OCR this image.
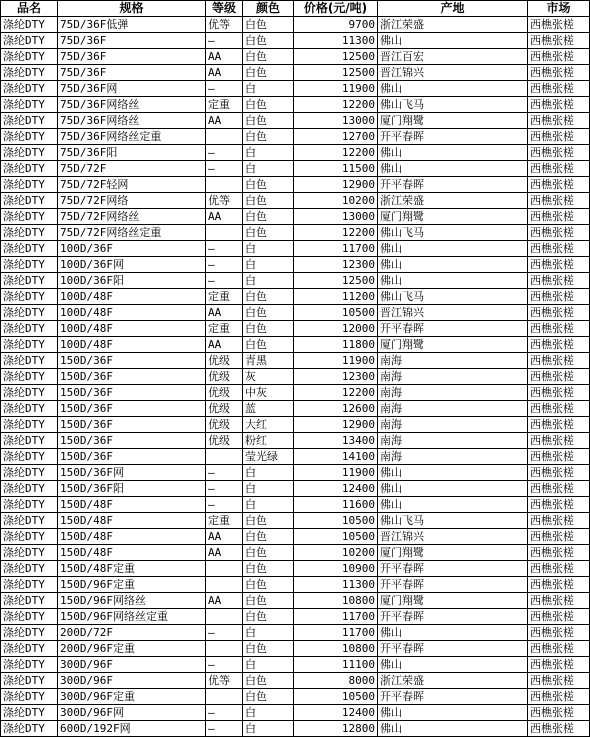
品名	规格	等级	颜色	价格(元/吨)	产地	市场
涤纶DTY	75D/36F低弹	优等	白色	9700	浙江荣盛	西樵张槎
涤纶DTY	75D/36F	—	白色	11300	佛山	西樵张槎
涤纶DTY	75D/36F	AA	白色	12500	晋江百宏	西樵张槎
涤纶DTY	75D/36F	AA	白色	12500	晋江锦兴	西樵张槎
涤纶DTY	75D/36F网	—	白	11900	佛山	西樵张槎
涤纶DTY	75D/36F网络丝	定重	白色	12200	佛山飞马	西樵张槎
涤纶DTY	75D/36F网络丝	AA	白色	13000	厦门翔鹭	西樵张槎
涤纶DTY	75D/36F网络丝定重		白色	12700	开平春晖	西樵张槎
涤纶DTY	75D/36F阳	—	白	12200	佛山	西樵张槎
涤纶DTY	75D/72F	—	白	11500	佛山	西樵张槎
涤纶DTY	75D/72F轻网		白色	12900	开平春晖	西樵张槎
涤纶DTY	75D/72F网络	优等	白色	10200	浙江荣盛	西樵张槎
涤纶DTY	75D/72F网络丝	AA	白色	13000	厦门翔鹭	西樵张槎
涤纶DTY	75D/72F网络丝定重		白色	12200	佛山飞马	西樵张槎
涤纶DTY	100D/36F	—	白	11700	佛山	西樵张槎
涤纶DTY	100D/36F网	—	白	12300	佛山	西樵张槎
涤纶DTY	100D/36F阳	—	白	12500	佛山	西樵张槎
涤纶DTY	100D/48F	定重	白色	11200	佛山飞马	西樵张槎
涤纶DTY	100D/48F	AA	白色	10500	晋江锦兴	西樵张槎
涤纶DTY	100D/48F	定重	白色	12000	开平春晖	西樵张槎
涤纶DTY	100D/48F	AA	白色	11800	厦门翔鹭	西樵张槎
涤纶DTY	150D/36F	优级	青黑	11900	南海	西樵张槎
涤纶DTY	150D/36F	优级	灰	12300	南海	西樵张槎
涤纶DTY	150D/36F	优级	中灰	12200	南海	西樵张槎
涤纶DTY	150D/36F	优级	蓝	12600	南海	西樵张槎
涤纶DTY	150D/36F	优级	大红	12900	南海	西樵张槎
涤纶DTY	150D/36F	优级	粉红	13400	南海	西樵张槎
涤纶DTY	150D/36F		莹光绿	14100	南海	西樵张槎
涤纶DTY	150D/36F网	—	白	11900	佛山	西樵张槎
涤纶DTY	150D/36F阳	—	白	12400	佛山	西樵张槎
涤纶DTY	150D/48F	—	白	11600	佛山	西樵张槎
涤纶DTY	150D/48F	定重	白色	10500	佛山飞马	西樵张槎
涤纶DTY	150D/48F	AA	白色	10500	晋江锦兴	西樵张槎
涤纶DTY	150D/48F	AA	白色	10200	厦门翔鹭	西樵张槎
涤纶DTY	150D/48F定重		白色	10900	开平春晖	西樵张槎
涤纶DTY	150D/96F定重		白色	11300	开平春晖	西樵张槎
涤纶DTY	150D/96F网络丝	AA	白色	10800	厦门翔鹭	西樵张槎
涤纶DTY	150D/96F网络丝定重		白色	11700	开平春晖	西樵张槎
涤纶DTY	200D/72F	—	白	11700	佛山	西樵张槎
涤纶DTY	200D/96F定重		白色	10800	开平春晖	西樵张槎
涤纶DTY	300D/96F	—	白	11100	佛山	西樵张槎
涤纶DTY	300D/96F	优等	白色	8000	浙江荣盛	西樵张槎
涤纶DTY	300D/96F定重		白色	10500	开平春晖	西樵张槎
涤纶DTY	300D/96F网	—	白	12400	佛山	西樵张槎
涤纶DTY	600D/192F网	—	白	12800	佛山	西樵张槎
